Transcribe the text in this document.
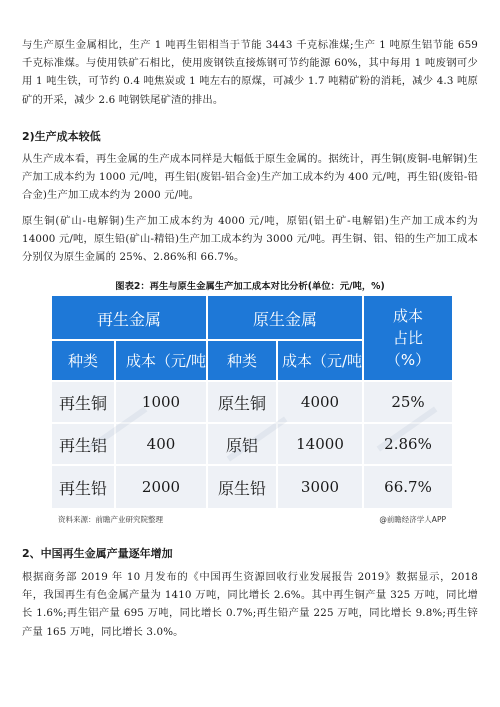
与生产原生金属相比，生产 1 吨再生铝相当于节能 3443 千克标准煤;生产 1 吨原生铝节能 659 千克标准煤。与使用铁矿石相比，使用废钢铁直接炼钢可节约能源 60%，其中每用 1 吨废钢可少用 1 吨生铁，可节约 0.4 吨焦炭或 1 吨左右的原煤，可减少 1.7 吨精矿粉的消耗，减少 4.3 吨原矿的开采，减少 2.6 吨钢铁尾矿渣的排出。

2)生产成本较低

从生产成本看，再生金属的生产成本同样是大幅低于原生金属的。据统计，再生铜(废铜-电解铜)生产加工成本约为 1000 元/吨，再生铝(废铝-铝合金)生产加工成本约为 400 元/吨，再生铅(废铅-铅合金)生产加工成本约为 2000 元/吨。

原生铜(矿山-电解铜)生产加工成本约为 4000 元/吨，原铝(铝土矿-电解铝)生产加工成本约为 14000 元/吨，原生铅(矿山-精铅)生产加工成本约为 3000 元/吨。再生铜、铝、铅的生产加工成本分别仅为原生金属的 25%、2.86%和 66.7%。

图表2：再生与原生金属生产加工成本对比分析(单位：元/吨，%)
再生金属	原生金属	成本
占比
（%）
种类	成本（元/吨	种类	成本（元/吨
再生铜	1000	原生铜	4000	25%
再生铝	400	原铝	14000	2.86%
再生铅	2000	原生铅	3000	66.7%
资料来源：前瞻产业研究院整理	@前瞻经济学人APP

2、中国再生金属产量逐年增加

根据商务部 2019 年 10 月发布的《中国再生资源回收行业发展报告 2019》数据显示，2018 年，我国再生有色金属产量为 1410 万吨，同比增长 2.6%。其中再生铜产量 325 万吨，同比增长 1.6%;再生铝产量 695 万吨，同比增长 0.7%;再生铅产量 225 万吨，同比增长 9.8%;再生锌产量 165 万吨，同比增长 3.0%。
